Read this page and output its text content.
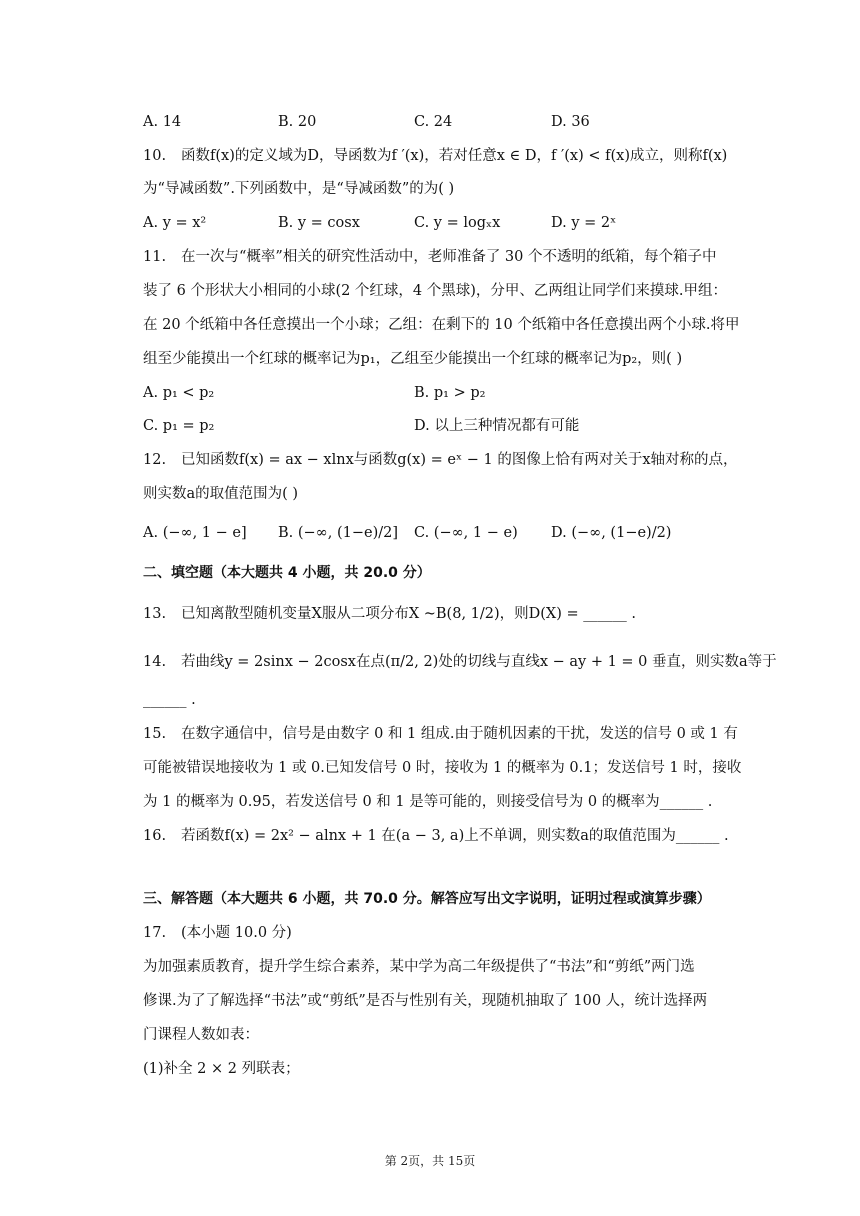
A. 14	B. 20	C. 24	D. 36
10. 函数f(x)的定义域为D，导函数为f ′(x)，若对任意x ∈ D，f ′(x) < f(x)成立，则称f(x)
为“导减函数”.下列函数中，是“导减函数”的为( )
A. y = x²	B. y = cosx	C. y = logₓx	D. y = 2ˣ
11. 在一次与“概率”相关的研究性活动中，老师准备了 30 个不透明的纸箱，每个箱子中
装了 6 个形状大小相同的小球(2 个红球，4 个黑球)，分甲、乙两组让同学们来摸球.甲组：
在 20 个纸箱中各任意摸出一个小球；乙组：在剩下的 10 个纸箱中各任意摸出两个小球.将甲
组至少能摸出一个红球的概率记为p₁，乙组至少能摸出一个红球的概率记为p₂，则( )
A. p₁ < p₂	B. p₁ > p₂
C. p₁ = p₂	D. 以上三种情况都有可能
12. 已知函数f(x) = ax − xlnx与函数g(x) = eˣ − 1 的图像上恰有两对关于x轴对称的点，
则实数a的取值范围为( )
A. (−∞, 1 − e] B. (−∞, (1−e)/2] C. (−∞, 1 − e) D. (−∞, (1−e)/2)
二、填空题（本大题共 4 小题，共 20.0 分）
13. 已知离散型随机变量X服从二项分布X ~B(8, 1/2)，则D(X) = ______ .
14. 若曲线y = 2sinx − 2cosx在点(π/2, 2)处的切线与直线x − ay + 1 = 0 垂直，则实数a等于
______ .
15. 在数字通信中，信号是由数字 0 和 1 组成.由于随机因素的干扰，发送的信号 0 或 1 有
可能被错误地接收为 1 或 0.已知发信号 0 时，接收为 1 的概率为 0.1；发送信号 1 时，接收
为 1 的概率为 0.95，若发送信号 0 和 1 是等可能的，则接受信号为 0 的概率为______ .
16. 若函数f(x) = 2x² − alnx + 1 在(a − 3, a)上不单调，则实数a的取值范围为______ .
三、解答题（本大题共 6 小题，共 70.0 分。解答应写出文字说明，证明过程或演算步骤）
17. (本小题 10.0 分)
为加强素质教育，提升学生综合素养，某中学为高二年级提供了“书法”和“剪纸”两门选
修课.为了了解选择“书法”或“剪纸”是否与性别有关，现随机抽取了 100 人，统计选择两
门课程人数如表：
(1)补全 2 × 2 列联表；
第 2页，共 15页
